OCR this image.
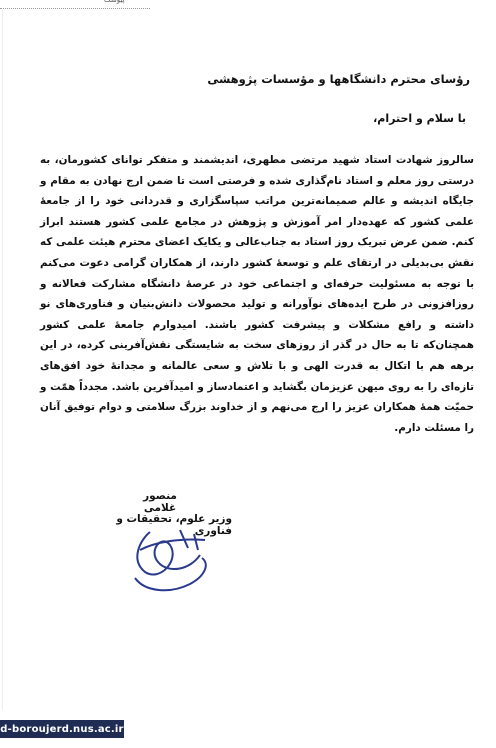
پیوست
رؤسای محترم دانشگاهها و مؤسسات پژوهشی
با سلام و احترام،

سالروز شهادت استاد شهید مرتضی مطهری، اندیشمند و متفکر توانای کشورمان، به درستی روز معلم و استاد نام‌گذاری شده و فرصتی است تا ضمن ارج نهادن به مقام و جایگاه اندیشه و عالم صمیمانه‌ترین مراتب سپاسگزاری و قدردانی خود را از جامعهٔ علمی کشور که عهده‌دار امر آموزش و پژوهش در مجامع علمی کشور هستند ابراز کنم. ضمن عرض تبریک روز استاد به جناب‌عالی و یکایک اعضای محترم هیئت علمی که نقش بی‌بدیلی در ارتقای علم و توسعهٔ کشور دارند، از همکاران گرامی دعوت می‌کنم با توجه به مسئولیت حرفه‌ای و اجتماعی خود در عرصهٔ دانشگاه مشارکت فعالانه و روزافزونی در طرح ایده‌های نوآورانه و تولید محصولات دانش‌بنیان و فناوری‌های نو داشته و رافع مشکلات و پیشرفت کشور باشند. امیدوارم جامعهٔ علمی کشور همچنان‌که تا به حال در گذر از روزهای سخت به شایستگی نقش‌آفرینی کرده، در این برهه هم با اتکال به قدرت الهی و با تلاش و سعی عالمانه و مجدانهٔ خود افق‌های تازه‌ای را به روی میهن عزیزمان بگشاید و اعتمادساز و امیدآفرین باشد. مجدداً همّت و حمیّت همهٔ همکاران عزیز را ارج می‌نهم و از خداوند بزرگ سلامتی و دوام توفیق آنان را مسئلت دارم.

منصور غلامی
وزیر علوم، تحقیقات و فناوری
d-boroujerd.nus.ac.ir
